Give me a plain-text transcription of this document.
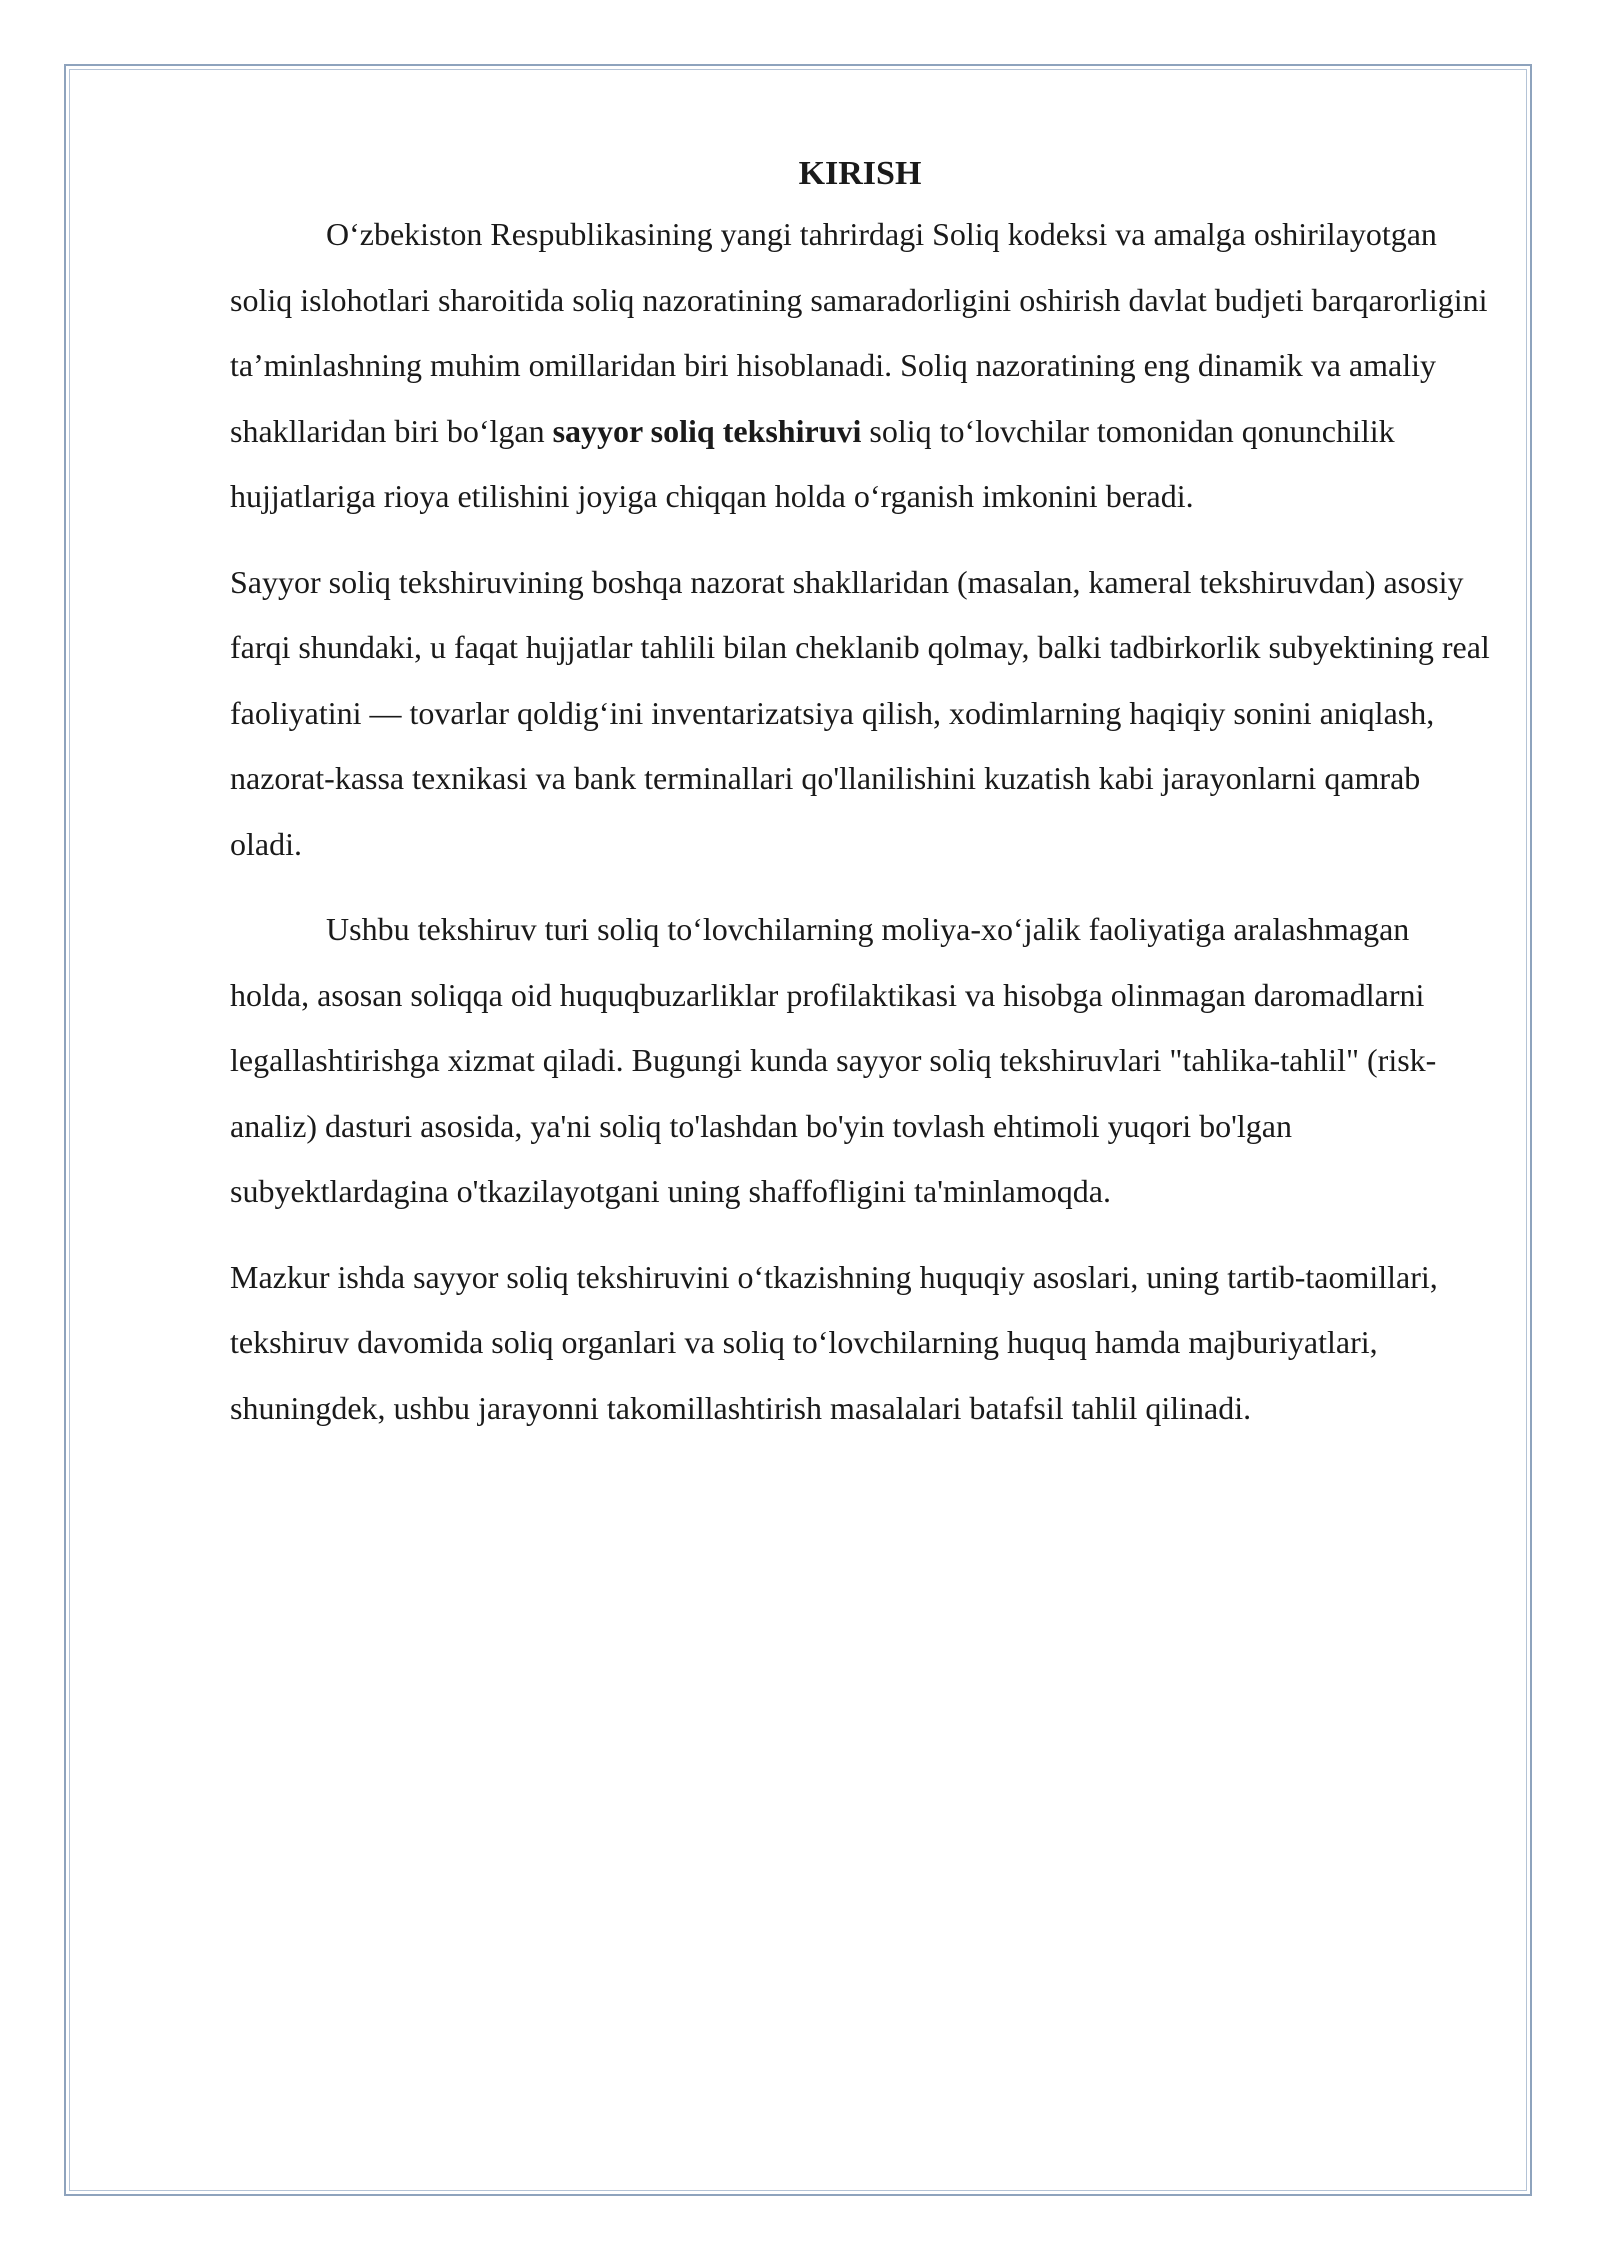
KIRISH

O‘zbekiston Respublikasining yangi tahrirdagi Soliq kodeksi va amalga oshirilayotgan soliq islohotlari sharoitida soliq nazoratining samaradorligini oshirish davlat budjeti barqarorligini ta’minlashning muhim omillaridan biri hisoblanadi. Soliq nazoratining eng dinamik va amaliy shakllaridan biri bo‘lgan sayyor soliq tekshiruvi soliq to‘lovchilar tomonidan qonunchilik hujjatlariga rioya etilishini joyiga chiqqan holda o‘rganish imkonini beradi.

Sayyor soliq tekshiruvining boshqa nazorat shakllaridan (masalan, kameral tekshiruvdan) asosiy farqi shundaki, u faqat hujjatlar tahlili bilan cheklanib qolmay, balki tadbirkorlik subyektining real faoliyatini — tovarlar qoldig‘ini inventarizatsiya qilish, xodimlarning haqiqiy sonini aniqlash, nazorat-kassa texnikasi va bank terminallari qo'llanilishini kuzatish kabi jarayonlarni qamrab oladi.

Ushbu tekshiruv turi soliq to‘lovchilarning moliya-xo‘jalik faoliyatiga aralashmagan holda, asosan soliqqa oid huquqbuzarliklar profilaktikasi va hisobga olinmagan daromadlarni legallashtirishga xizmat qiladi. Bugungi kunda sayyor soliq tekshiruvlari "tahlika-tahlil" (risk-analiz) dasturi asosida, ya'ni soliq to'lashdan bo'yin tovlash ehtimoli yuqori bo'lgan subyektlardagina o'tkazilayotgani uning shaffofligini ta'minlamoqda.

Mazkur ishda sayyor soliq tekshiruvini o‘tkazishning huquqiy asoslari, uning tartib-taomillari, tekshiruv davomida soliq organlari va soliq to‘lovchilarning huquq hamda majburiyatlari, shuningdek, ushbu jarayonni takomillashtirish masalalari batafsil tahlil qilinadi.
